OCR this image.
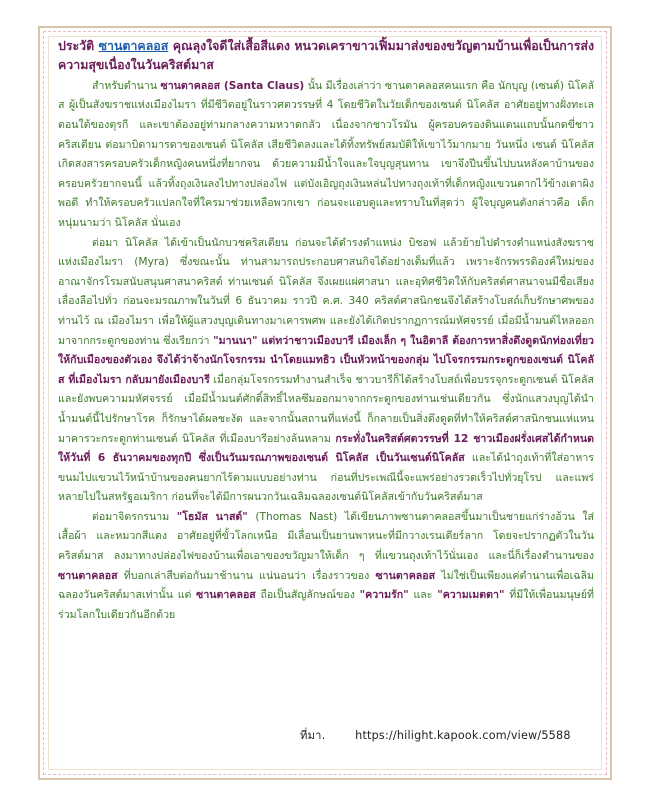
ประวัติ ซานตาคลอส คุณลุงใจดีใส่เสื้อสีแดง หนวดเคราขาวเฟิ้มมาส่งของขวัญตามบ้านเพื่อเป็นการส่งความสุขเนื่องในวันคริสต์มาส

สำหรับตำนาน ซานตาคลอส (Santa Claus) นั้น มีเรื่องเล่าว่า ซานตาคลอสคนแรก คือ นักบุญ (เซนต์) นิโคลัส ผู้เป็นสังฆราชแห่งเมืองไมรา ที่มีชีวิตอยู่ในราวศตวรรษที่ 4 โดยชีวิตในวัยเด็กของเซนต์ นิโคลัส อาศัยอยู่ทางฝั่งทะเลตอนใต้ของตุรกี และเขาต้องอยู่ท่ามกลางความหวาดกลัว เนื่องจากชาวโรมัน ผู้ครอบครองดินแดนแถบนั้นกดขี่ชาวคริสเตียน ต่อมาบิดามารดาของเซนต์ นิโคลัส เสียชีวิตลงและได้ทิ้งทรัพย์สมบัติให้เขาไว้มากมาย วันหนึ่ง เซนต์ นิโคลัส เกิดสงสารครอบครัวเด็กหญิงคนหนึ่งที่ยากจน ด้วยความมีน้ำใจและใจบุญสุนทาน เขาจึงปีนขึ้นไปบนหลังคาบ้านของครอบครัวยากจนนี้ แล้วทิ้งถุงเงินลงไปทางปล่องไฟ แต่บังเอิญถุงเงินหล่นไปทางถุงเท้าที่เด็กหญิงแขวนตากไว้ข้างเตาผิงพอดี ทำให้ครอบครัวแปลกใจที่ใครมาช่วยเหลือพวกเขา ก่อนจะแอบดูและทราบในที่สุดว่า ผู้ใจบุญคนดังกล่าวคือ เด็กหนุ่มนามว่า นิโคลัส นั่นเอง

ต่อมา นิโคลัส ได้เข้าเป็นนักบวชคริสเตียน ก่อนจะได้ดำรงตำแหน่ง บิชอฟ แล้วย้ายไปดำรงตำแหน่งสังฆราชแห่งเมืองไมรา (Myra) ซึ่งขณะนั้น ท่านสามารถประกอบศาสนกิจได้อย่างเต็มที่แล้ว เพราะจักรพรรดิองค์ใหม่ของอาณาจักรโรมสนับสนุนศาสนาคริสต์ ท่านเซนต์ นิโคลัส จึงเผยแผ่ศาสนา และอุทิศชีวิตให้กับคริสต์ศาสนาจนมีชื่อเสียงเลื่องลือไปทั่ว ก่อนจะมรณภาพในวันที่ 6 ธันวาคม ราวปี ค.ศ. 340 คริสต์ศาสนิกชนจึงได้สร้างโบสถ์เก็บรักษาศพของท่านไว้ ณ เมืองไมรา เพื่อให้ผู้แสวงบุญเดินทางมาเคารพศพ และยังได้เกิดปรากฏการณ์มหัศจรรย์ เมื่อมีน้ำมนต์ไหลออกมาจากกระดูกของท่าน ซึ่งเรียกว่า "มานนา" แต่ทว่าชาวเมืองบารี เมืองเล็ก ๆ ในอิตาลี ต้องการหาสิ่งดึงดูดนักท่องเที่ยวให้กับเมืองของตัวเอง จึงได้ว่าจ้างนักโจรกรรม นำโดยแมทธิว เป็นหัวหน้าของกลุ่ม ไปโจรกรรมกระดูกของเซนต์ นิโคลัส ที่เมืองไมรา กลับมายังเมืองบารี เมื่อกลุ่มโจรกรรมทำงานสำเร็จ ชาวบารีก็ได้สร้างโบสถ์เพื่อบรรจุกระดูกเซนต์ นิโคลัส และยังพบความมหัศจรรย์ เมื่อมีน้ำมนต์ศักดิ์สิทธิ์ไหลซึมออกมาจากกระดูกของท่านเช่นเดียวกัน ซึ่งนักแสวงบุญได้นำน้ำมนต์นี้ไปรักษาโรค ก็รักษาได้ผลชะงัด และจากนั้นสถานที่แห่งนี้ ก็กลายเป็นสิ่งดึงดูดที่ทำให้คริสต์ศาสนิกชนแห่แหนมาคารวะกระดูกท่านเซนต์ นิโคลัส ที่เมืองบารีอย่างล้นหลาม กระทั่งในคริสต์ศตวรรษที่ 12 ชาวเมืองฝรั่งเศสได้กำหนดให้วันที่ 6 ธันวาคมของทุกปี ซึ่งเป็นวันมรณภาพของเซนต์ นิโคลัส เป็นวันเซนต์นิโคลัส และได้นำถุงเท้าที่ใส่อาหาร ขนมไปแขวนไว้หน้าบ้านของคนยากไร้ตามแบบอย่างท่าน ก่อนที่ประเพณีนี้จะแพร่อย่างรวดเร็วไปทั่วยุโรป และแพร่หลายไปในสหรัฐอเมริกา ก่อนที่จะได้มีการผนวกวันเฉลิมฉลองเซนต์นิโคลัสเข้ากับวันคริสต์มาส

ต่อมาจิตรกรนาม "โธมัส นาสต์" (Thomas Nast) ได้เขียนภาพซานตาคลอสขึ้นมาเป็นชายแก่ร่างอ้วน ใส่เสื้อผ้า และหมวกสีแดง อาศัยอยู่ที่ขั้วโลกเหนือ มีเลื่อนเป็นยานพาหนะที่มีกวางเรนเดียร์ลาก โดยจะปรากฏตัวในวันคริสต์มาส ลงมาทางปล่องไฟของบ้านเพื่อเอาของขวัญมาให้เด็ก ๆ ที่แขวนถุงเท้าไว้นั่นเอง และนี่ก็เรื่องตำนานของ ซานตาคลอส ที่บอกเล่าสืบต่อกันมาช้านาน แน่นอนว่า เรื่องราวของ ซานตาคลอส ไม่ใช่เป็นเพียงแค่ตำนานเพื่อเฉลิมฉลองวันคริสต์มาสเท่านั้น แต่ ซานตาคลอส ถือเป็นสัญลักษณ์ของ "ความรัก" และ "ความเมตตา" ที่มีให้เพื่อนมนุษย์ที่ร่วมโลกใบเดียวกันอีกด้วย

ที่มา.	https://hilight.kapook.com/view/5588
